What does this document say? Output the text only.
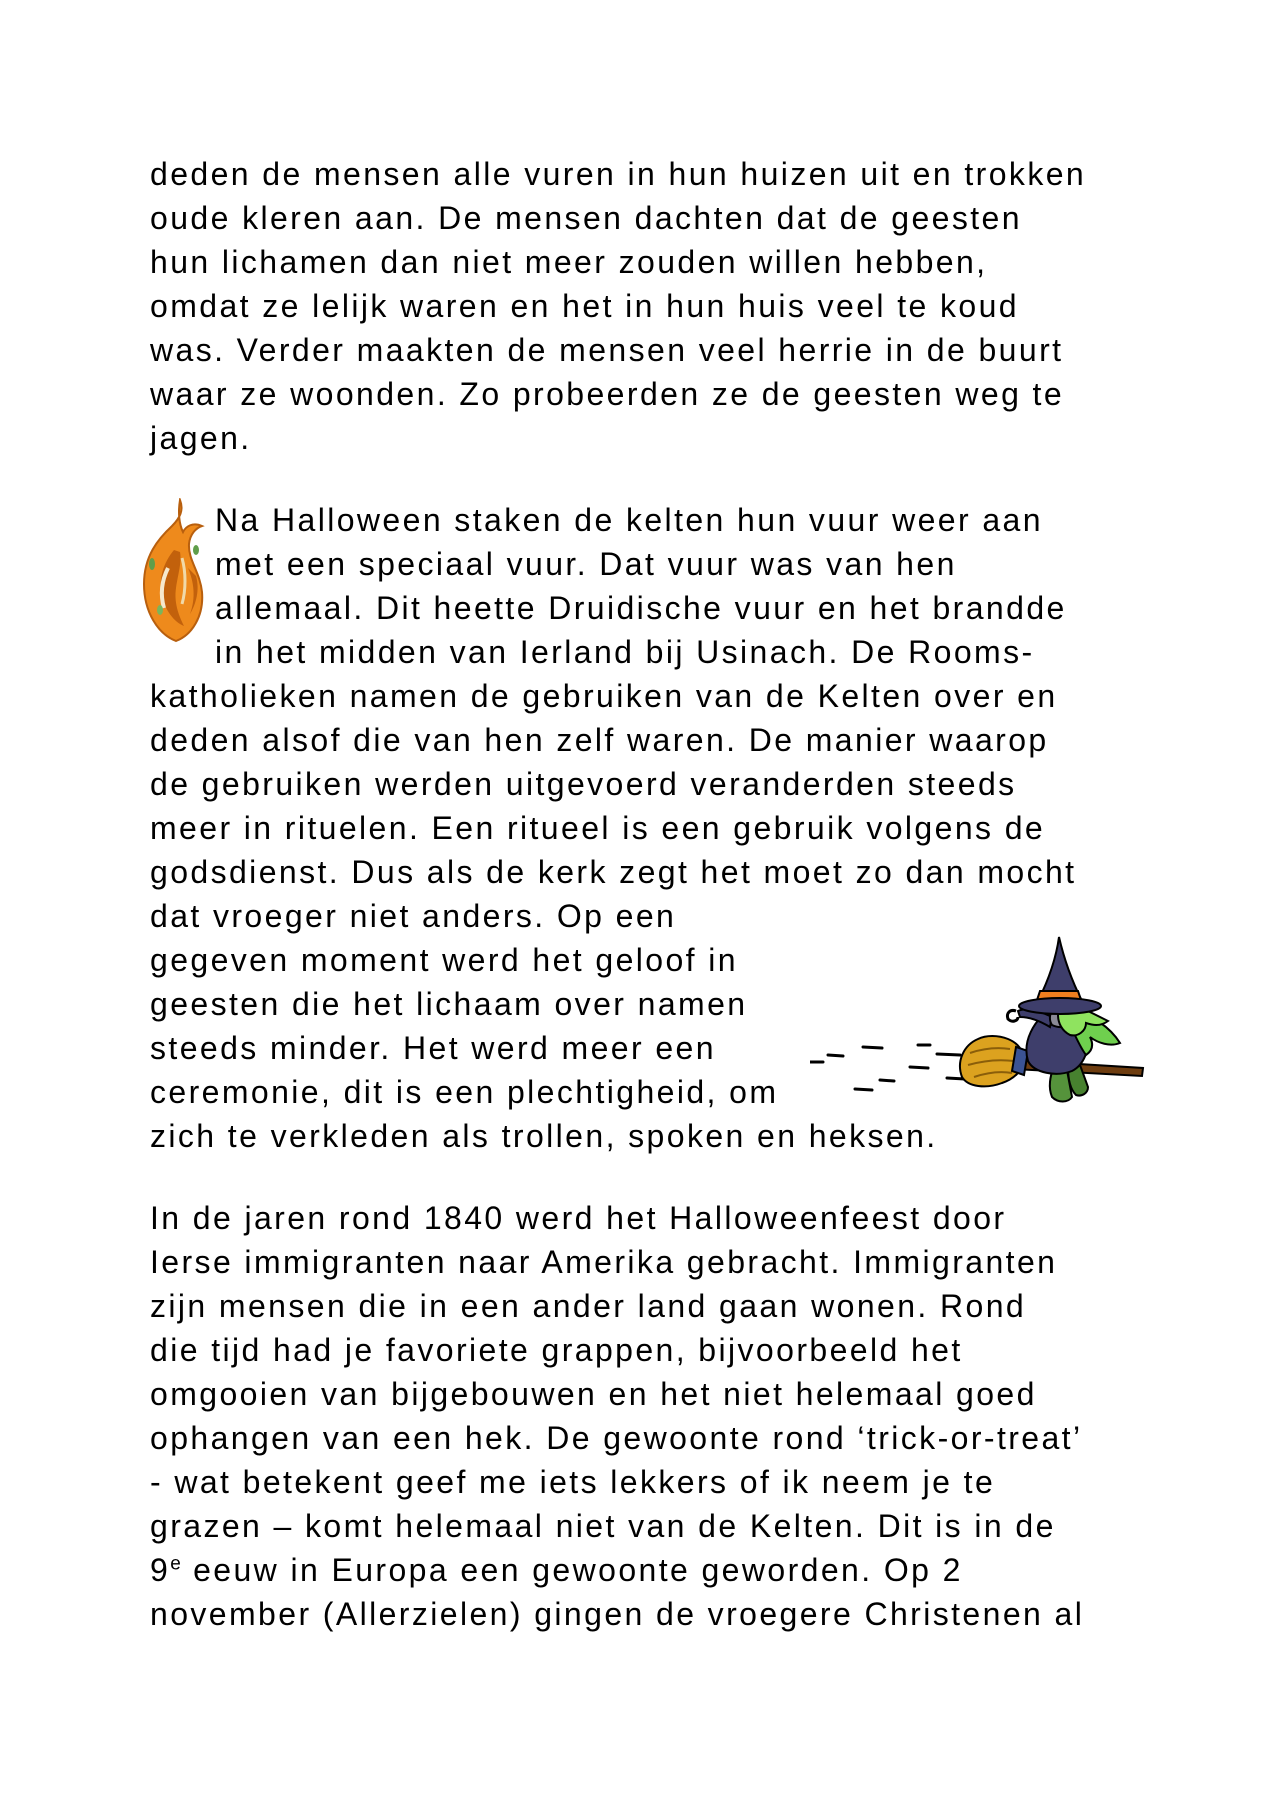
deden de mensen alle vuren in hun huizen uit en trokken
oude kleren aan. De mensen dachten dat de geesten
hun lichamen dan niet meer zouden willen hebben,
omdat ze lelijk waren en het in hun huis veel te koud
was. Verder maakten de mensen veel herrie in de buurt
waar ze woonden. Zo probeerden ze de geesten weg te
jagen.
Na Halloween staken de kelten hun vuur weer aan
met een speciaal vuur. Dat vuur was van hen
allemaal. Dit heette Druidische vuur en het brandde
in het midden van Ierland bij Usinach. De Rooms-
katholieken namen de gebruiken van de Kelten over en
deden alsof die van hen zelf waren. De manier waarop
de gebruiken werden uitgevoerd veranderden steeds
meer in rituelen. Een ritueel is een gebruik volgens de
godsdienst. Dus als de kerk zegt het moet zo dan mocht
dat vroeger niet anders. Op een
gegeven moment werd het geloof in
geesten die het lichaam over namen
steeds minder. Het werd meer een
ceremonie, dit is een plechtigheid, om
zich te verkleden als trollen, spoken en heksen.
In de jaren rond 1840 werd het Halloweenfeest door
Ierse immigranten naar Amerika gebracht. Immigranten
zijn mensen die in een ander land gaan wonen. Rond
die tijd had je favoriete grappen, bijvoorbeeld het
omgooien van bijgebouwen en het niet helemaal goed
ophangen van een hek. De gewoonte rond ‘trick-or-treat’
- wat betekent geef me iets lekkers of ik neem je te
grazen – komt helemaal niet van de Kelten. Dit is in de
9e eeuw in Europa een gewoonte geworden. Op 2
november (Allerzielen) gingen de vroegere Christenen al
